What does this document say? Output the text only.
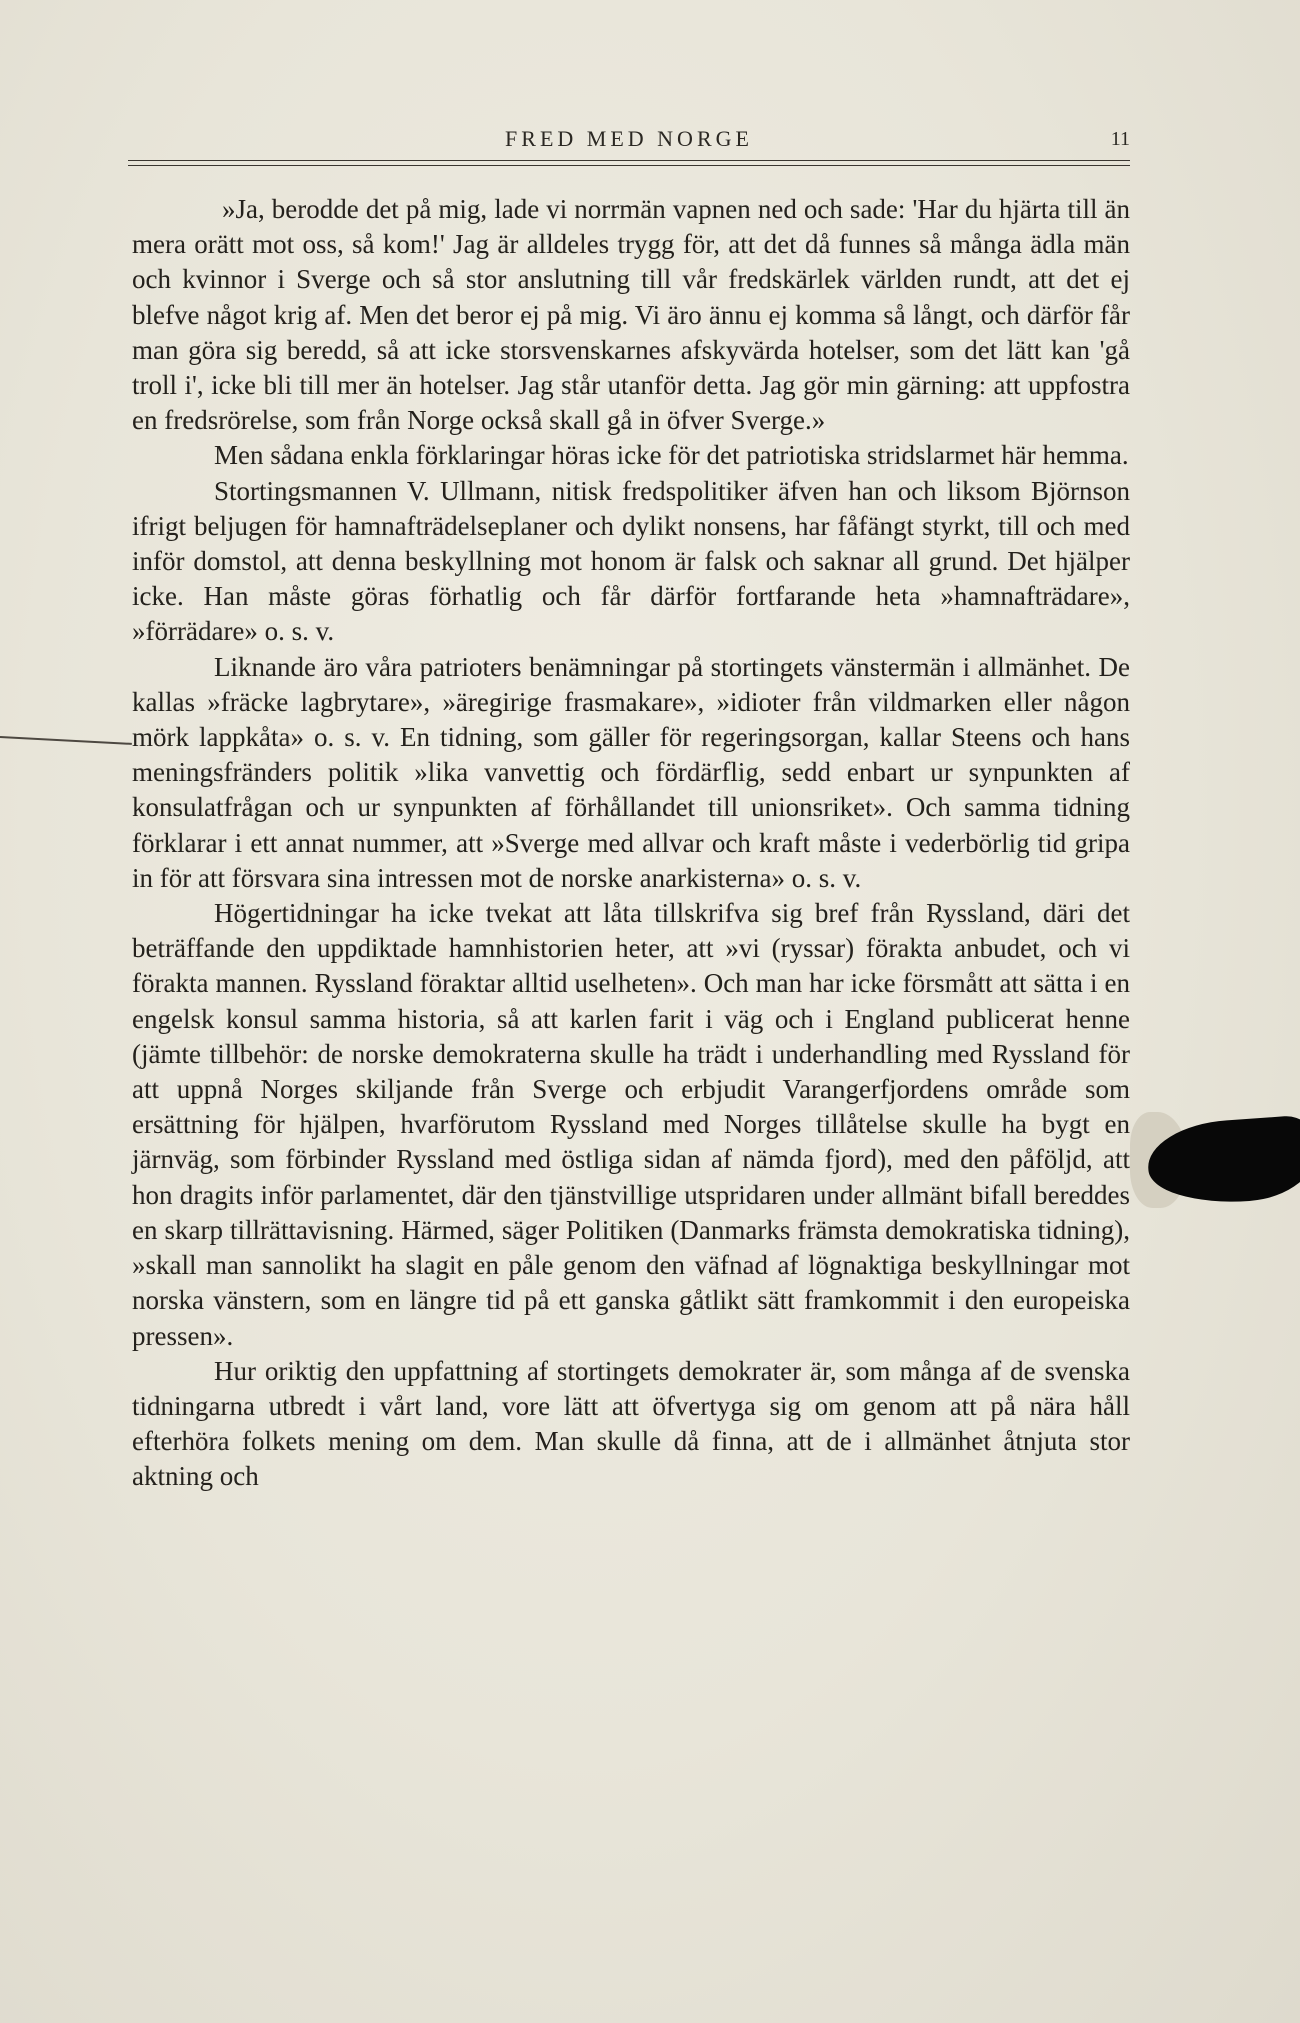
FRED MED NORGE	11

»Ja, berodde det på mig, lade vi norrmän vapnen ned och sade: 'Har du hjärta till än mera orätt mot oss, så kom!' Jag är alldeles trygg för, att det då funnes så många ädla män och kvinnor i Sverge och så stor anslutning till vår fredskärlek världen rundt, att det ej blefve något krig af. Men det beror ej på mig. Vi äro ännu ej komma så långt, och därför får man göra sig beredd, så att icke storsvenskarnes afskyvärda hotelser, som det lätt kan 'gå troll i', icke bli till mer än hotelser. Jag står utanför detta. Jag gör min gärning: att uppfostra en fredsrörelse, som från Norge också skall gå in öfver Sverge.»

Men sådana enkla förklaringar höras icke för det patriotiska stridslarmet här hemma.

Stortingsmannen V. Ullmann, nitisk fredspolitiker äfven han och liksom Björnson ifrigt beljugen för hamnafträdelseplaner och dylikt nonsens, har fåfängt styrkt, till och med inför domstol, att denna beskyllning mot honom är falsk och saknar all grund. Det hjälper icke. Han måste göras förhatlig och får därför fortfarande heta »hamnafträdare», »förrädare» o. s. v.

Liknande äro våra patrioters benämningar på stortingets vänstermän i allmänhet. De kallas »fräcke lagbrytare», »äregirige frasmakare», »idioter från vildmarken eller någon mörk lappkåta» o. s. v. En tidning, som gäller för regeringsorgan, kallar Steens och hans meningsfränders politik »lika vanvettig och fördärflig, sedd enbart ur synpunkten af konsulatfrågan och ur synpunkten af förhållandet till unionsriket». Och samma tidning förklarar i ett annat nummer, att »Sverge med allvar och kraft måste i vederbörlig tid gripa in för att försvara sina intressen mot de norske anarkisterna» o. s. v.

Högertidningar ha icke tvekat att låta tillskrifva sig bref från Ryssland, däri det beträffande den uppdiktade hamnhistorien heter, att »vi (ryssar) förakta anbudet, och vi förakta mannen. Ryssland föraktar alltid uselheten». Och man har icke försmått att sätta i en engelsk konsul samma historia, så att karlen farit i väg och i England publicerat henne (jämte tillbehör: de norske demokraterna skulle ha trädt i underhandling med Ryssland för att uppnå Norges skiljande från Sverge och erbjudit Varangerfjordens område som ersättning för hjälpen, hvarförutom Ryssland med Norges tillåtelse skulle ha bygt en järnväg, som förbinder Ryssland med östliga sidan af nämda fjord), med den påföljd, att hon dragits inför parlamentet, där den tjänstvillige utspridaren under allmänt bifall bereddes en skarp tillrättavisning. Härmed, säger Politiken (Danmarks främsta demokratiska tidning), »skall man sannolikt ha slagit en påle genom den väfnad af lögnaktiga beskyllningar mot norska vänstern, som en längre tid på ett ganska gåtlikt sätt framkommit i den europeiska pressen».

Hur oriktig den uppfattning af stortingets demokrater är, som många af de svenska tidningarna utbredt i vårt land, vore lätt att öfvertyga sig om genom att på nära håll efterhöra folkets mening om dem. Man skulle då finna, att de i allmänhet åtnjuta stor aktning och
